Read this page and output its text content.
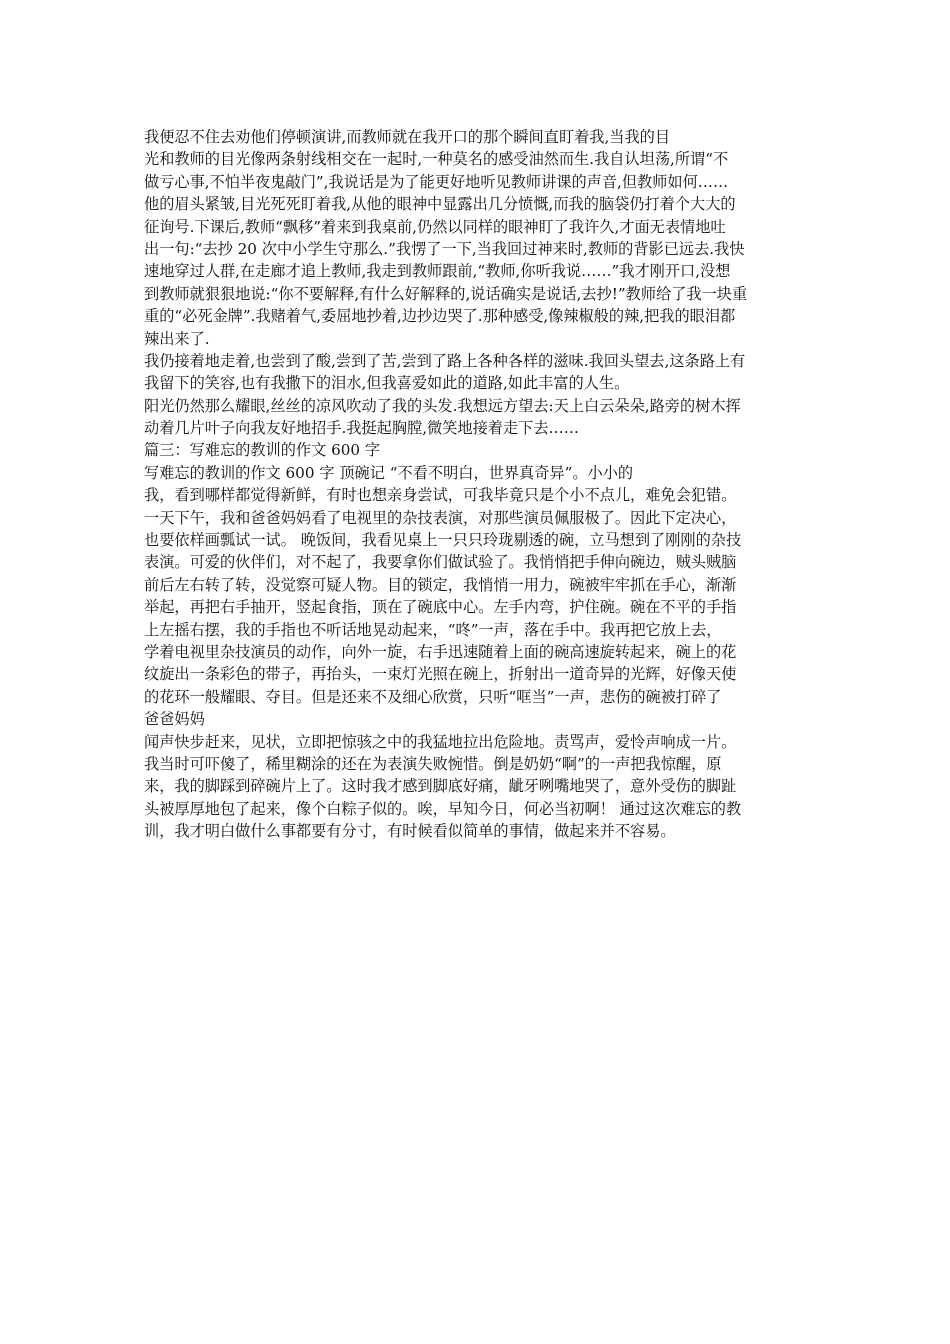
我便忍不住去劝他们停顿演讲,而教师就在我开口的那个瞬间直盯着我,当我的目
光和教师的目光像两条射线相交在一起时,一种莫名的感受油然而生.我自认坦荡,所谓“不
做亏心事,不怕半夜鬼敲门”,我说话是为了能更好地听见教师讲课的声音,但教师如何……
他的眉头紧皱,目光死死盯着我,从他的眼神中显露出几分愤慨,而我的脑袋仍打着个大大的
征询号.下课后,教师“飘移”着来到我桌前,仍然以同样的眼神盯了我许久,才面无表情地吐
出一句:“去抄 20 次中小学生守那么.”我愣了一下,当我回过神来时,教师的背影已远去.我快
速地穿过人群,在走廊才追上教师,我走到教师跟前,“教师,你听我说……”我才刚开口,没想
到教师就狠狠地说:“你不要解释,有什么好解释的,说话确实是说话,去抄!”教师给了我一块重
重的“必死金牌”.我赌着气,委屈地抄着,边抄边哭了.那种感受,像辣椒般的辣,把我的眼泪都
辣出来了.
我仍接着地走着,也尝到了酸,尝到了苦,尝到了路上各种各样的滋味.我回头望去,这条路上有
我留下的笑容,也有我撒下的泪水,但我喜爱如此的道路,如此丰富的人生。
阳光仍然那么耀眼,丝丝的凉风吹动了我的头发.我想远方望去:天上白云朵朵,路旁的树木挥
动着几片叶子向我友好地招手.我挺起胸膛,微笑地接着走下去……
篇三：写难忘的教训的作文 600 字
写难忘的教训的作文 600 字 顶碗记 “不看不明白，世界真奇异”。小小的
我，看到哪样都觉得新鲜，有时也想亲身尝试，可我毕竟只是个小不点儿，难免会犯错。
一天下午，我和爸爸妈妈看了电视里的杂技表演，对那些演员佩服极了。因此下定决心，
也要依样画瓢试一试。 晚饭间，我看见桌上一只只玲珑剔透的碗，立马想到了刚刚的杂技
表演。可爱的伙伴们，对不起了，我要拿你们做试验了。我悄悄把手伸向碗边，贼头贼脑
前后左右转了转，没觉察可疑人物。目的锁定，我悄悄一用力，碗被牢牢抓在手心，渐渐
举起，再把右手抽开，竖起食指，顶在了碗底中心。左手内弯，护住碗。碗在不平的手指
上左摇右摆，我的手指也不听话地晃动起来，“咚”一声，落在手中。我再把它放上去，
学着电视里杂技演员的动作，向外一旋，右手迅速随着上面的碗高速旋转起来，碗上的花
纹旋出一条彩色的带子，再抬头，一束灯光照在碗上，折射出一道奇异的光辉，好像天使
的花环一般耀眼、夺目。但是还来不及细心欣赏，只听“哐当”一声，悲伤的碗被打碎了
爸爸妈妈
闻声快步赶来，见状，立即把惊骇之中的我猛地拉出危险地。责骂声，爱怜声响成一片。
我当时可吓傻了，稀里糊涂的还在为表演失败惋惜。倒是奶奶“啊”的一声把我惊醒，原
来，我的脚踩到碎碗片上了。这时我才感到脚底好痛，龇牙咧嘴地哭了，意外受伤的脚趾
头被厚厚地包了起来，像个白粽子似的。唉，早知今日，何必当初啊！ 通过这次难忘的教
训，我才明白做什么事都要有分寸，有时候看似简单的事情，做起来并不容易。
